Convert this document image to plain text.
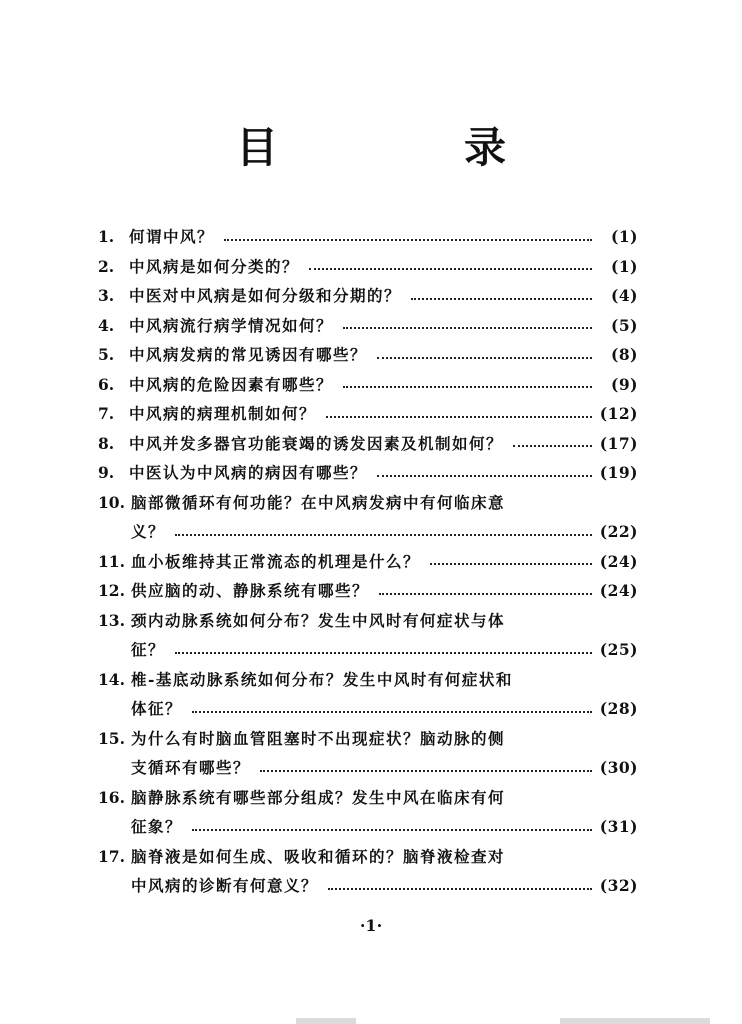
目　录
1. 何谓中风？	(1)
2. 中风病是如何分类的？	(1)
3. 中医对中风病是如何分级和分期的？	(4)
4. 中风病流行病学情况如何？	(5)
5. 中风病发病的常见诱因有哪些？	(8)
6. 中风病的危险因素有哪些？	(9)
7. 中风病的病理机制如何？	(12)
8. 中风并发多器官功能衰竭的诱发因素及机制如何？	(17)
9. 中医认为中风病的病因有哪些？	(19)
10. 脑部微循环有何功能？在中风病发病中有何临床意
义？	(22)
11. 血小板维持其正常流态的机理是什么？	(24)
12. 供应脑的动、静脉系统有哪些？	(24)
13. 颈内动脉系统如何分布？发生中风时有何症状与体
征？	(25)
14. 椎-基底动脉系统如何分布？发生中风时有何症状和
体征？	(28)
15. 为什么有时脑血管阻塞时不出现症状？脑动脉的侧
支循环有哪些？	(30)
16. 脑静脉系统有哪些部分组成？发生中风在临床有何
征象？	(31)
17. 脑脊液是如何生成、吸收和循环的？脑脊液检查对
中风病的诊断有何意义？	(32)
·1·
